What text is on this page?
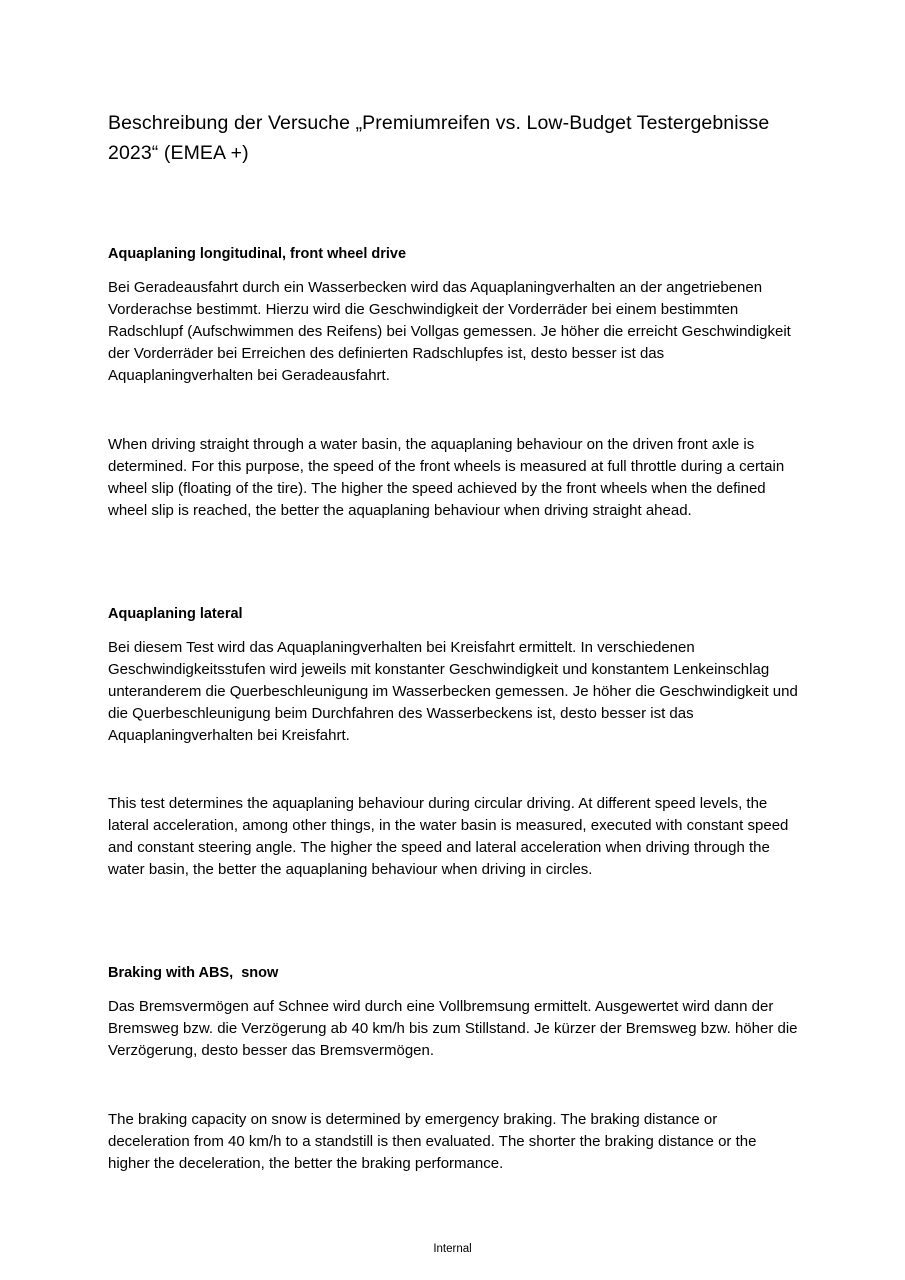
Beschreibung der Versuche „Premiumreifen vs. Low-Budget Testergebnisse 2023“ (EMEA +)
Aquaplaning longitudinal, front wheel drive

Bei Geradeausfahrt durch ein Wasserbecken wird das Aquaplaningverhalten an der angetriebenen Vorderachse bestimmt. Hierzu wird die Geschwindigkeit der Vorderräder bei einem bestimmten Radschlupf (Aufschwimmen des Reifens) bei Vollgas gemessen. Je höher die erreicht Geschwindigkeit der Vorderräder bei Erreichen des definierten Radschlupfes ist, desto besser ist das Aquaplaningverhalten bei Geradeausfahrt.

When driving straight through a water basin, the aquaplaning behaviour on the driven front axle is determined. For this purpose, the speed of the front wheels is measured at full throttle during a certain wheel slip (floating of the tire). The higher the speed achieved by the front wheels when the defined wheel slip is reached, the better the aquaplaning behaviour when driving straight ahead.

Aquaplaning lateral

Bei diesem Test wird das Aquaplaningverhalten bei Kreisfahrt ermittelt. In verschiedenen Geschwindigkeitsstufen wird jeweils mit konstanter Geschwindigkeit und konstantem Lenkeinschlag unteranderem die Querbeschleunigung im Wasserbecken gemessen. Je höher die Geschwindigkeit und die Querbeschleunigung beim Durchfahren des Wasserbeckens ist, desto besser ist das Aquaplaningverhalten bei Kreisfahrt.

This test determines the aquaplaning behaviour during circular driving. At different speed levels, the lateral acceleration, among other things, in the water basin is measured, executed with constant speed and constant steering angle. The higher the speed and lateral acceleration when driving through the water basin, the better the aquaplaning behaviour when driving in circles.

Braking with ABS,  snow

Das Bremsvermögen auf Schnee wird durch eine Vollbremsung ermittelt. Ausgewertet wird dann der Bremsweg bzw. die Verzögerung ab 40 km/h bis zum Stillstand. Je kürzer der Bremsweg bzw. höher die Verzögerung, desto besser das Bremsvermögen.

The braking capacity on snow is determined by emergency braking. The braking distance or deceleration from 40 km/h to a standstill is then evaluated. The shorter the braking distance or the higher the deceleration, the better the braking performance.

Internal
